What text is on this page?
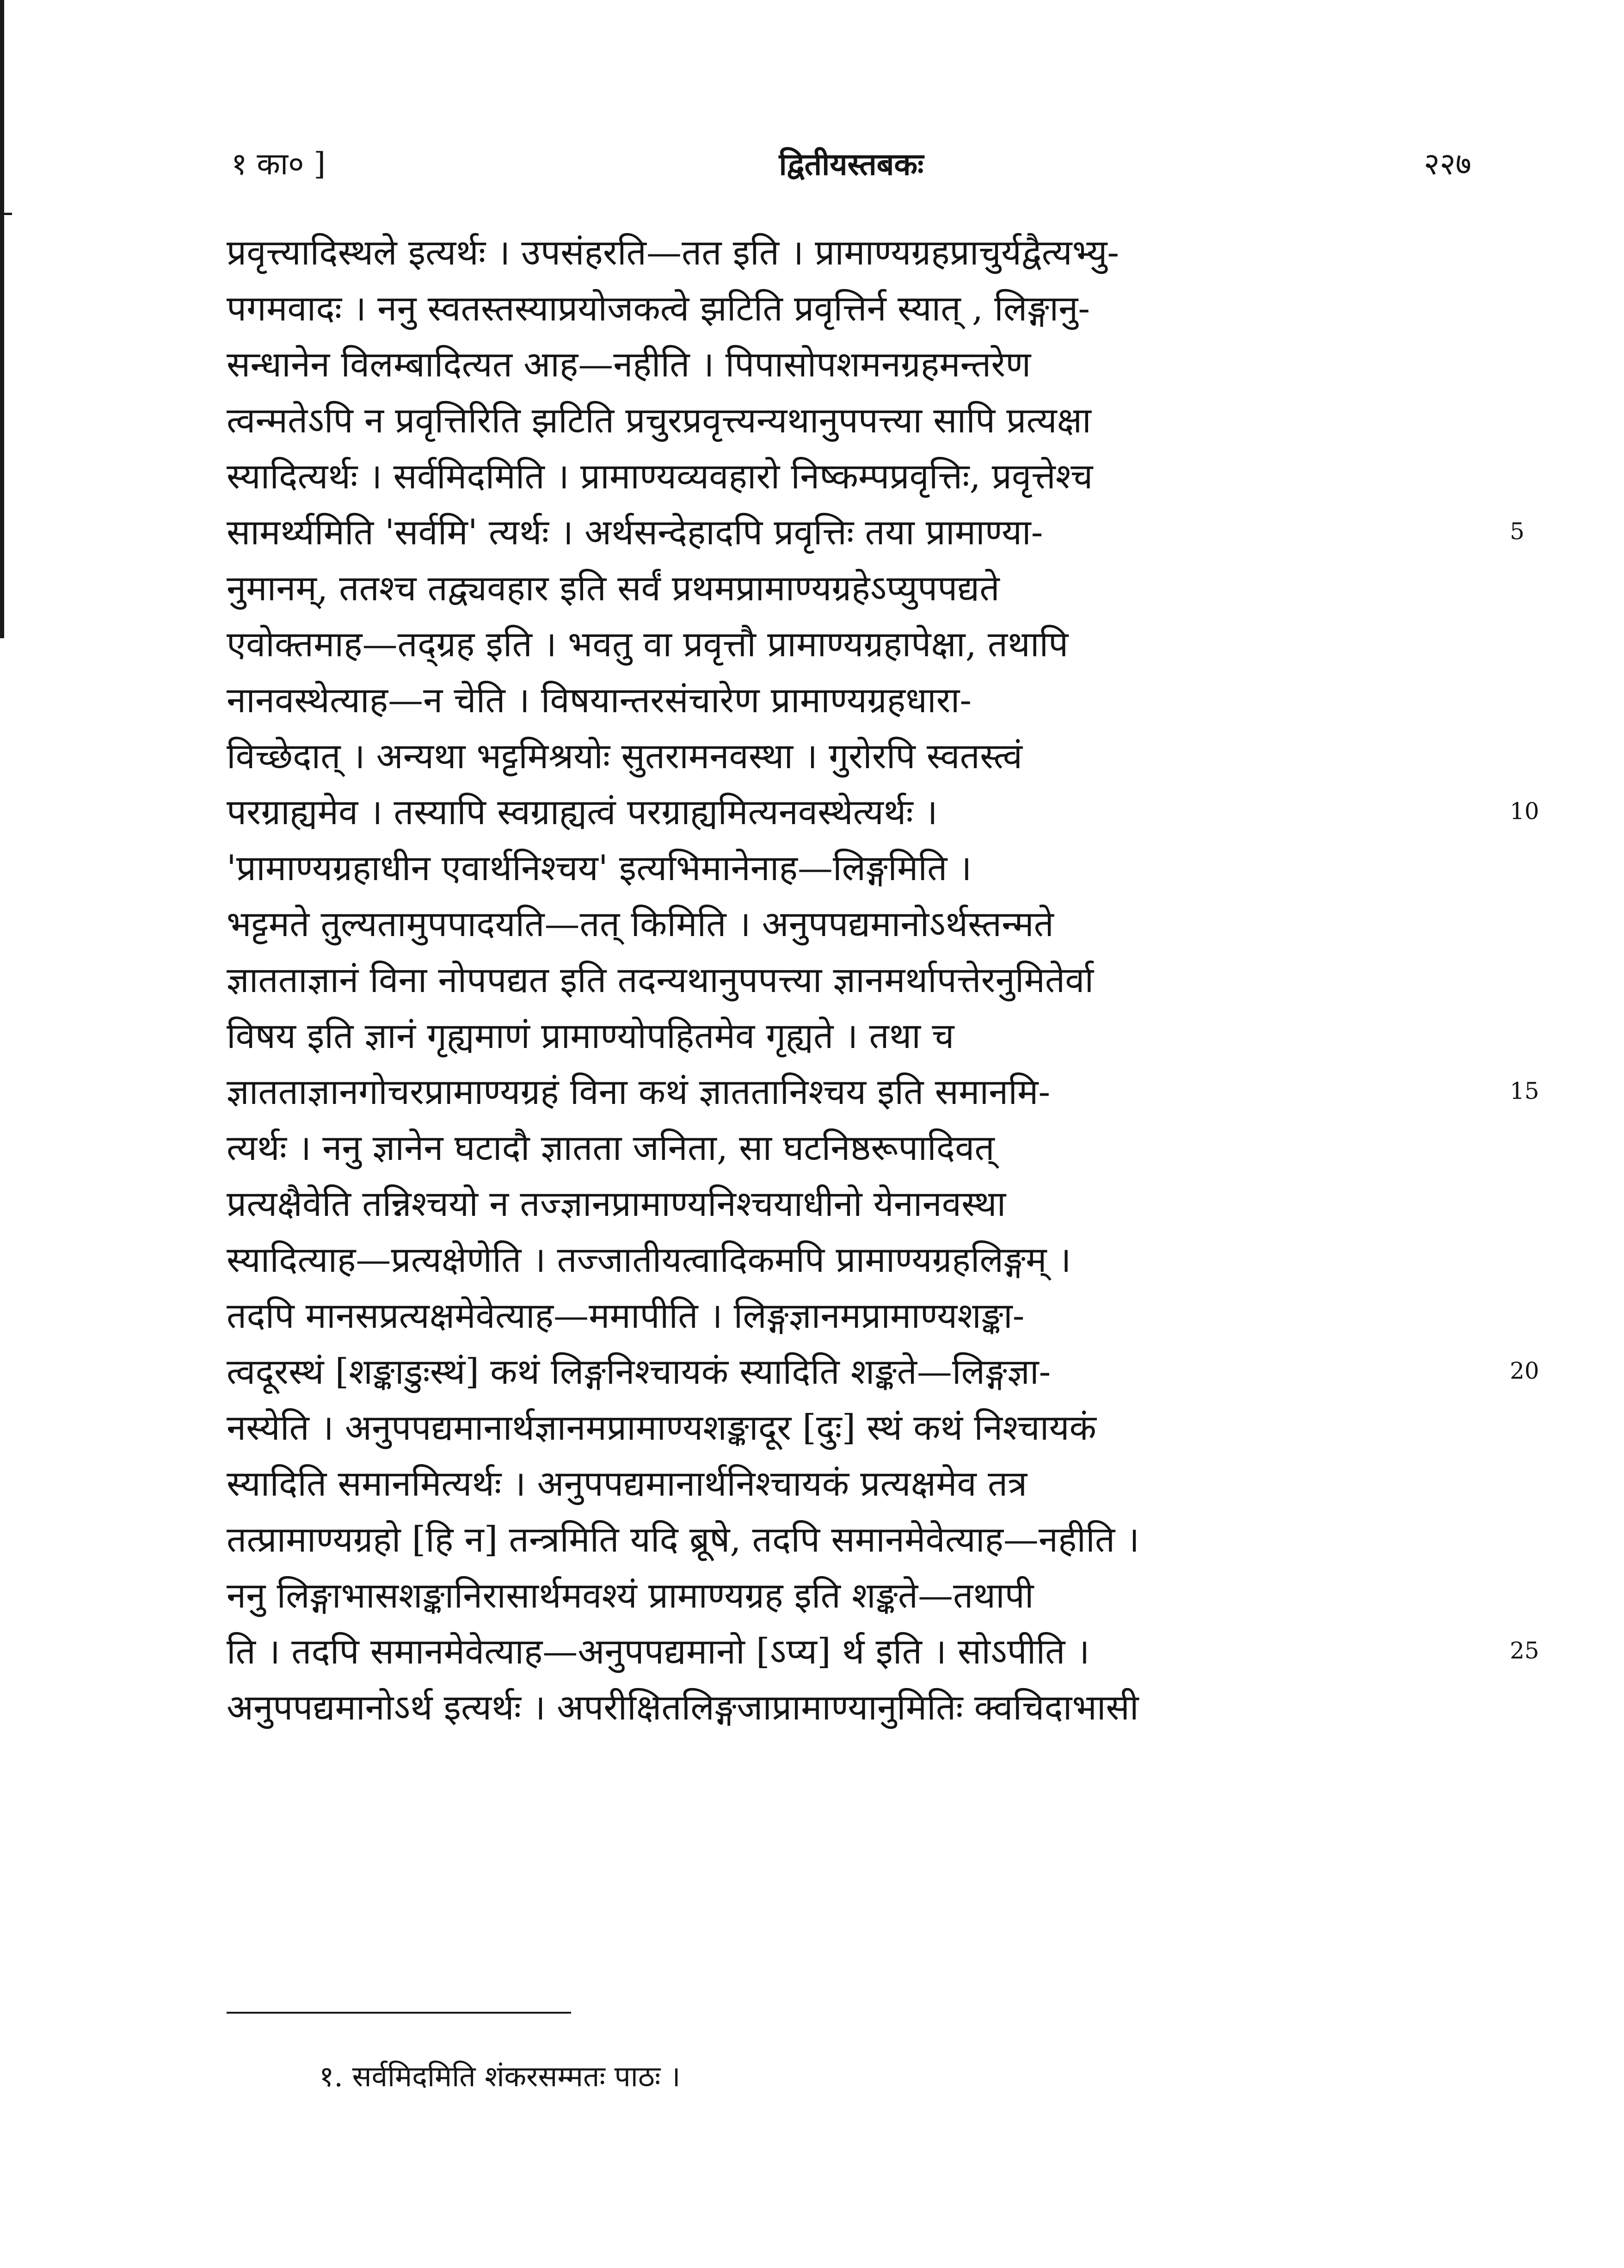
१ का० ]	द्वितीयस्तबकः	२२७
प्रवृत्त्यादिस्थले इत्यर्थः । उपसंहरति—तत इति । प्रामाण्यग्रहप्राचुर्यद्वैत्यभ्यु-
पगमवादः । ननु स्वतस्तस्याप्रयोजकत्वे झटिति प्रवृत्तिर्न स्यात् , लिङ्गानु-
सन्धानेन विलम्बादित्यत आह—नहीति । पिपासोपशमनग्रहमन्तरेण
त्वन्मतेऽपि न प्रवृत्तिरिति झटिति प्रचुरप्रवृत्त्यन्यथानुपपत्त्या सापि प्रत्यक्षा
स्यादित्यर्थः । सर्वमिदमिति । प्रामाण्यव्यवहारो निष्कम्पप्रवृत्तिः, प्रवृत्तेश्च
सामर्थ्यमिति 'सर्वमि' त्यर्थः । अर्थसन्देहादपि प्रवृत्तिः तया प्रामाण्या-
नुमानम्, ततश्च तद्व्यवहार इति सर्वं प्रथमप्रामाण्यग्रहेऽप्युपपद्यते
एवोक्तमाह—तद्ग्रह इति । भवतु वा प्रवृत्तौ प्रामाण्यग्रहापेक्षा, तथापि
नानवस्थेत्याह—न चेति । विषयान्तरसंचारेण प्रामाण्यग्रहधारा-
विच्छेदात् । अन्यथा भट्टमिश्रयोः सुतरामनवस्था । गुरोरपि स्वतस्त्वं
परग्राह्यमेव । तस्यापि स्वग्राह्यत्वं परग्राह्यमित्यनवस्थेत्यर्थः ।
'प्रामाण्यग्रहाधीन एवार्थनिश्चय' इत्यभिमानेनाह—लिङ्गमिति ।
भट्टमते तुल्यतामुपपादयति—तत् किमिति । अनुपपद्यमानोऽर्थस्तन्मते
ज्ञातताज्ञानं विना नोपपद्यत इति तदन्यथानुपपत्त्या ज्ञानमर्थापत्तेरनुमितेर्वा
विषय इति ज्ञानं गृह्यमाणं प्रामाण्योपहितमेव गृह्यते । तथा च
ज्ञातताज्ञानगोचरप्रामाण्यग्रहं विना कथं ज्ञाततानिश्चय इति समानमि-
त्यर्थः । ननु ज्ञानेन घटादौ ज्ञातता जनिता, सा घटनिष्ठरूपादिवत्
प्रत्यक्षैवेति तन्निश्चयो न तज्ज्ञानप्रामाण्यनिश्चयाधीनो येनानवस्था
स्यादित्याह—प्रत्यक्षेणेति । तज्जातीयत्वादिकमपि प्रामाण्यग्रहलिङ्गम् ।
तदपि मानसप्रत्यक्षमेवेत्याह—ममापीति । लिङ्गज्ञानमप्रामाण्यशङ्का-
त्वदूरस्थं [शङ्काडुःस्थं] कथं लिङ्गनिश्चायकं स्यादिति शङ्कते—लिङ्गज्ञा-
नस्येति । अनुपपद्यमानार्थज्ञानमप्रामाण्यशङ्कादूर [दुः] स्थं कथं निश्चायकं
स्यादिति समानमित्यर्थः । अनुपपद्यमानार्थनिश्चायकं प्रत्यक्षमेव तत्र
तत्प्रामाण्यग्रहो [हि न] तन्त्रमिति यदि ब्रूषे, तदपि समानमेवेत्याह—नहीति ।
ननु लिङ्गाभासशङ्कानिरासार्थमवश्यं प्रामाण्यग्रह इति शङ्कते—तथापी
ति । तदपि समानमेवेत्याह—अनुपपद्यमानो [ऽप्य] र्थ इति । सोऽपीति ।
अनुपपद्यमानोऽर्थ इत्यर्थः । अपरीक्षितलिङ्गजाप्रामाण्यानुमितिः क्वचिदाभासी
5
10
15
20
25
१. सर्वमिदमिति शंकरसम्मतः पाठः ।
